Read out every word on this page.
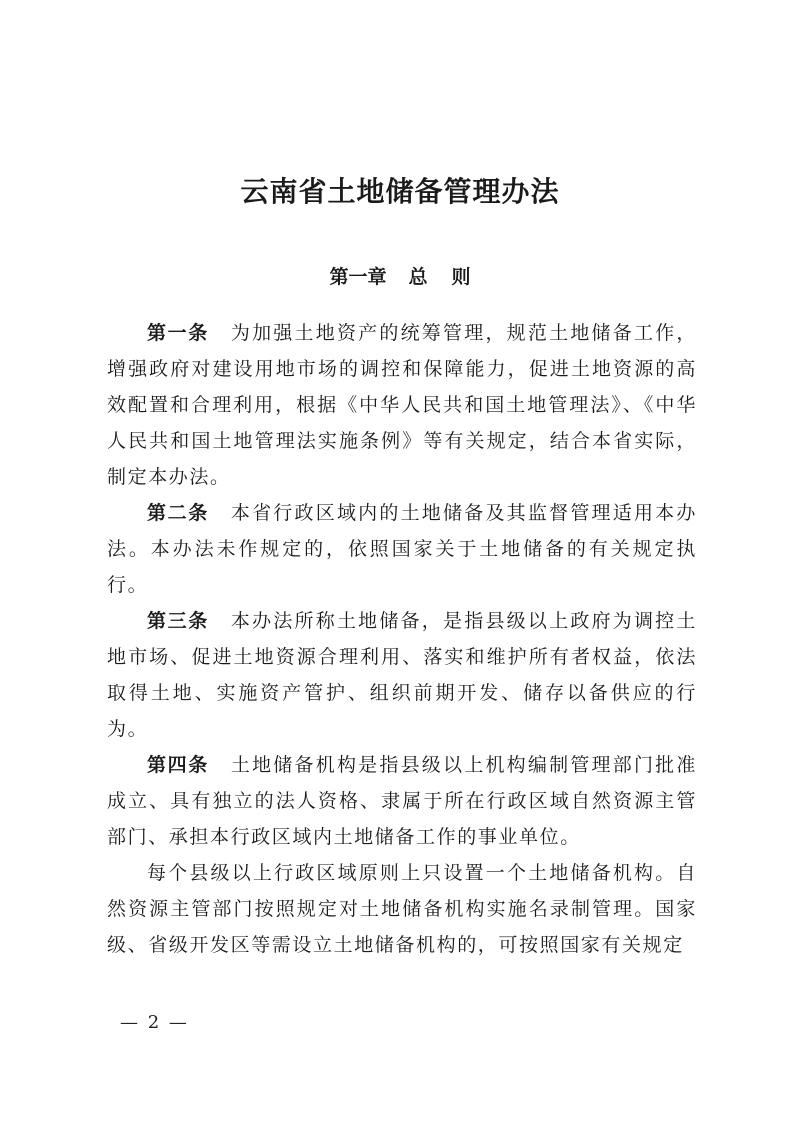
云南省土地储备管理办法
第一章 总 则

第一条 为加强土地资产的统筹管理，规范土地储备工作，增强政府对建设用地市场的调控和保障能力，促进土地资源的高效配置和合理利用，根据《中华人民共和国土地管理法》、《中华人民共和国土地管理法实施条例》等有关规定，结合本省实际，制定本办法。

第二条 本省行政区域内的土地储备及其监督管理适用本办法。本办法未作规定的，依照国家关于土地储备的有关规定执行。

第三条 本办法所称土地储备，是指县级以上政府为调控土地市场、促进土地资源合理利用、落实和维护所有者权益，依法取得土地、实施资产管护、组织前期开发、储存以备供应的行为。

第四条 土地储备机构是指县级以上机构编制管理部门批准成立、具有独立的法人资格、隶属于所在行政区域自然资源主管部门、承担本行政区域内土地储备工作的事业单位。

每个县级以上行政区域原则上只设置一个土地储备机构。自然资源主管部门按照规定对土地储备机构实施名录制管理。国家级、省级开发区等需设立土地储备机构的，可按照国家有关规定

— 2 —
